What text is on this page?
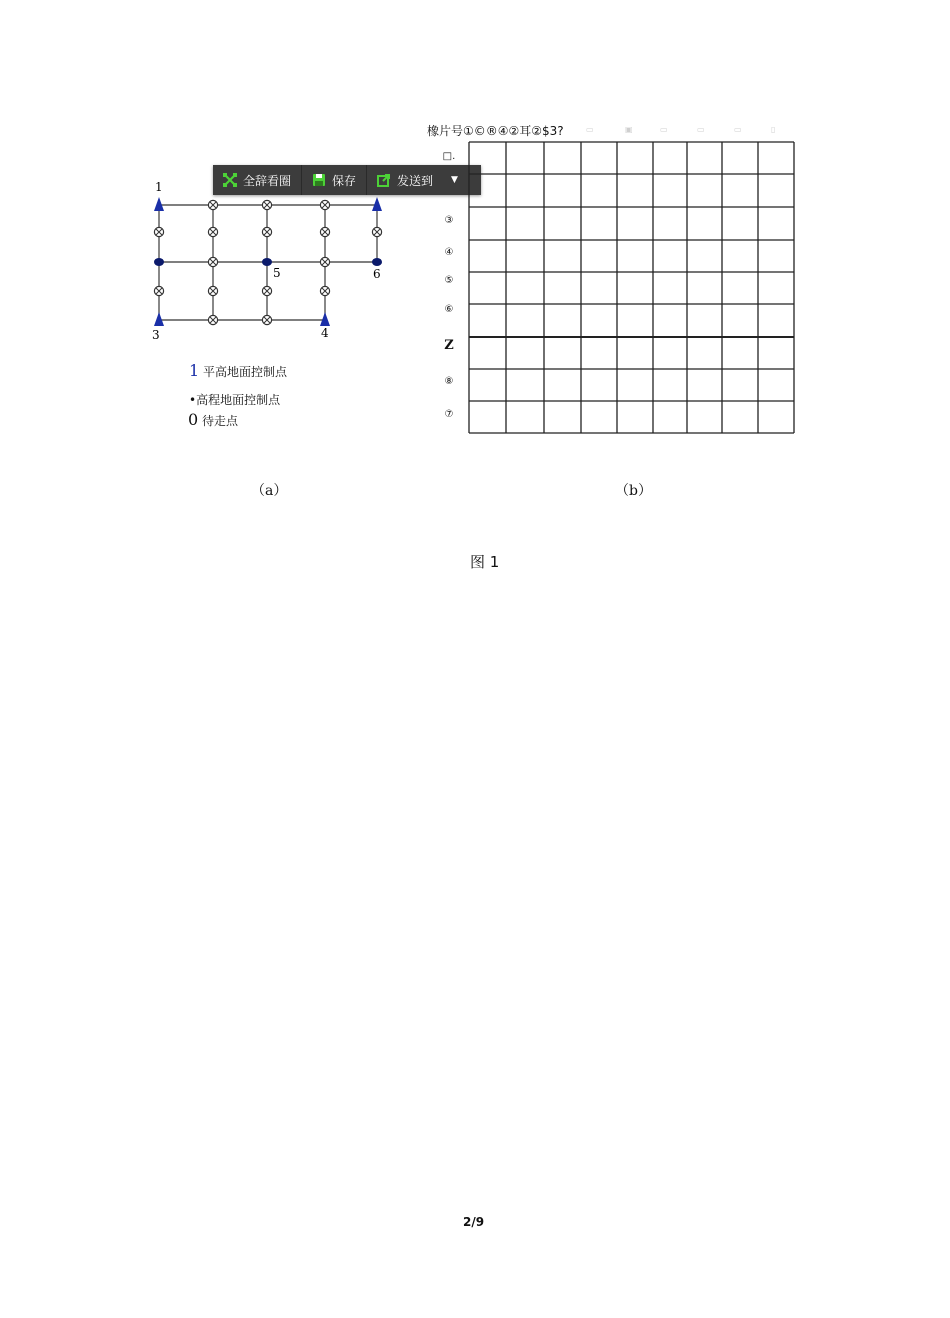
1
3	4
5	6
全辞看圈	保存	发送到	▼
1 平高地面控制点
•高程地面控制点
0 待走点
（a）
橡片号①©®④②耳②$3?	▭	▣	▭	▭	▭	▯
□.
③
④
⑤
⑥
Z
⑧
⑦
（b）
图 1
2/9
